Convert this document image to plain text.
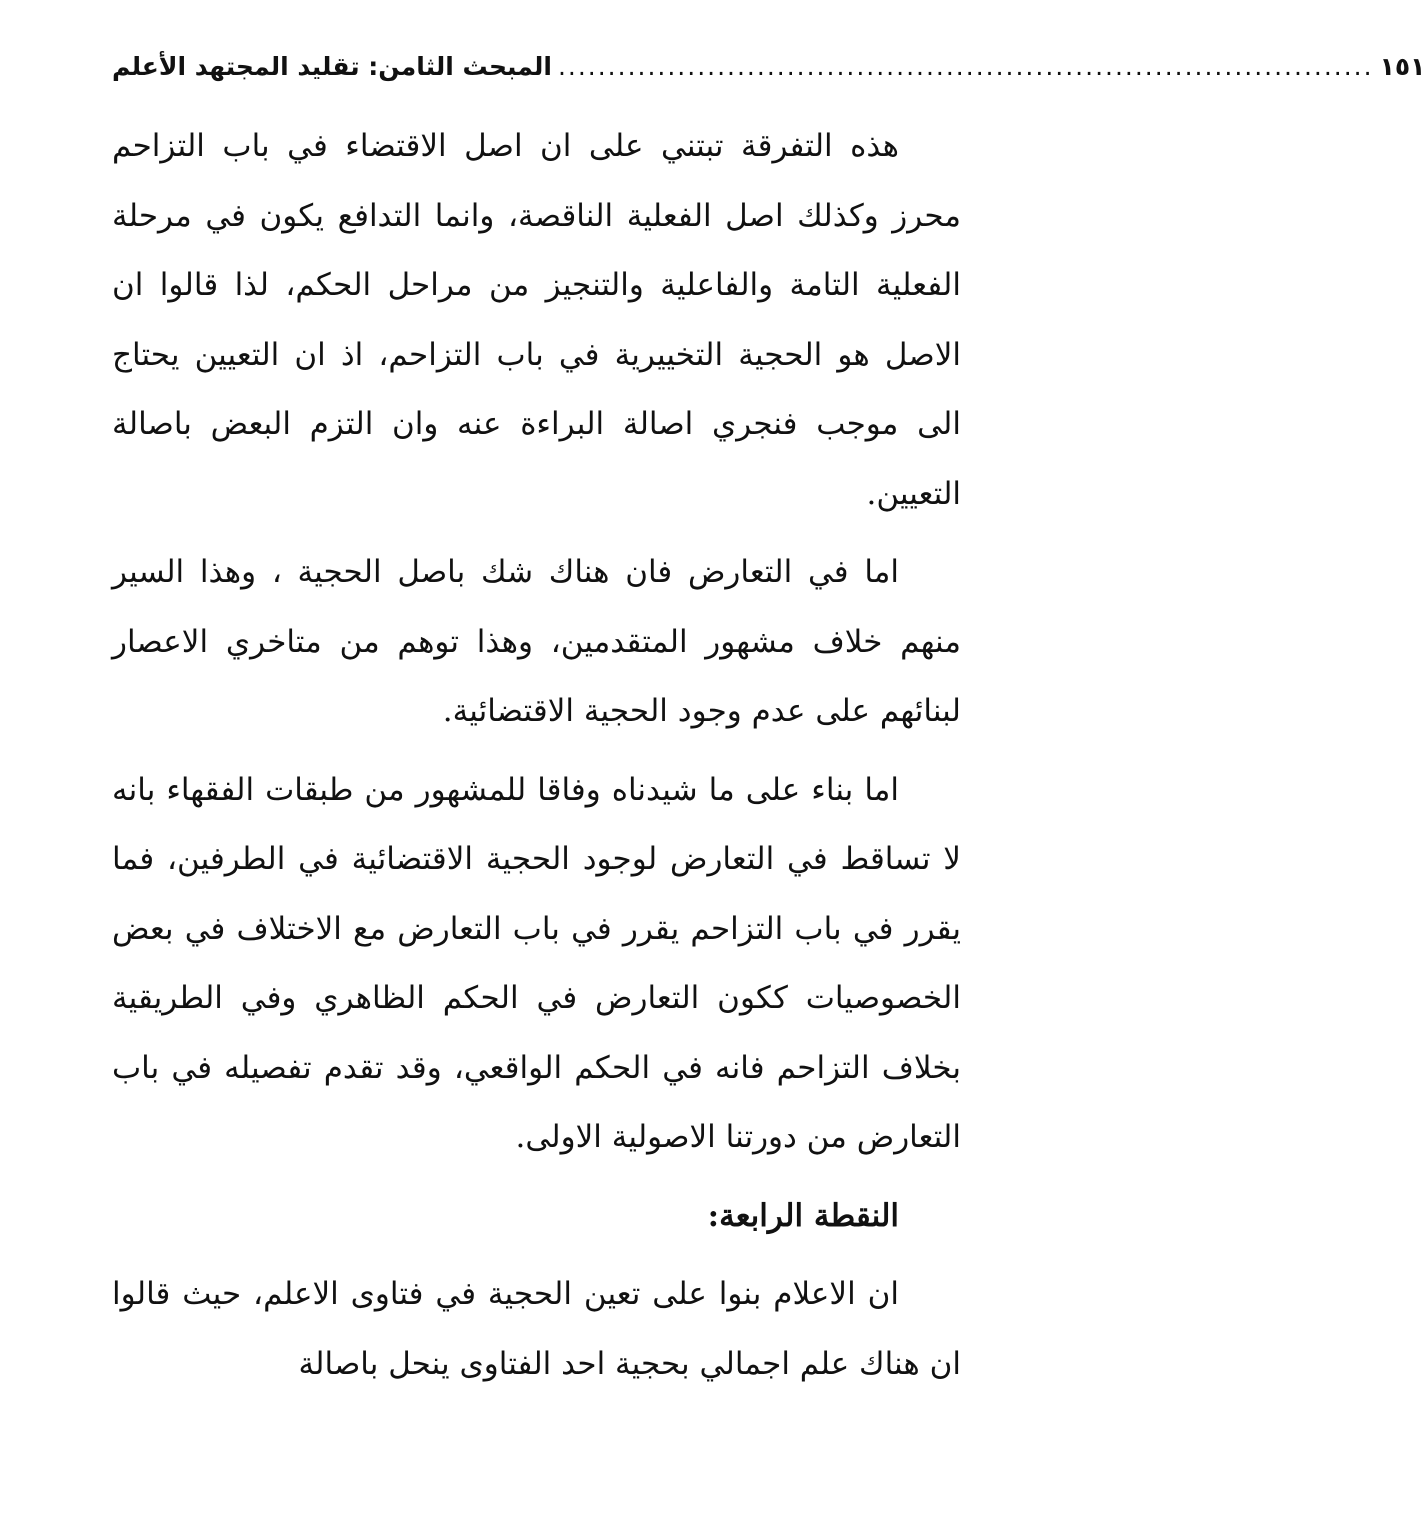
المبحث الثامن: تقليد المجتهد الأعلم .................................................................................. ١٥١

هذه التفرقة تبتني على ان اصل الاقتضاء في باب التزاحم محرز وكذلك اصل الفعلية الناقصة، وانما التدافع يكون في مرحلة الفعلية التامة والفاعلية والتنجيز من مراحل الحكم، لذا قالوا ان الاصل هو الحجية التخييرية في باب التزاحم، اذ ان التعيين يحتاج الى موجب فنجري اصالة البراءة عنه وان التزم البعض باصالة التعيين.

اما في التعارض فان هناك شك باصل الحجية ، وهذا السير منهم خلاف مشهور المتقدمين، وهذا توهم من متاخري الاعصار لبنائهم على عدم وجود الحجية الاقتضائية.

اما بناء على ما شيدناه وفاقا للمشهور من طبقات الفقهاء بانه لا تساقط في التعارض لوجود الحجية الاقتضائية في الطرفين، فما يقرر في باب التزاحم يقرر في باب التعارض مع الاختلاف في بعض الخصوصيات ككون التعارض في الحكم الظاهري وفي الطريقية بخلاف التزاحم فانه في الحكم الواقعي، وقد تقدم تفصيله في باب التعارض من دورتنا الاصولية الاولى.

النقطة الرابعة:

ان الاعلام بنوا على تعين الحجية في فتاوى الاعلم، حيث قالوا ان هناك علم اجمالي بحجية احد الفتاوى ينحل باصالة
